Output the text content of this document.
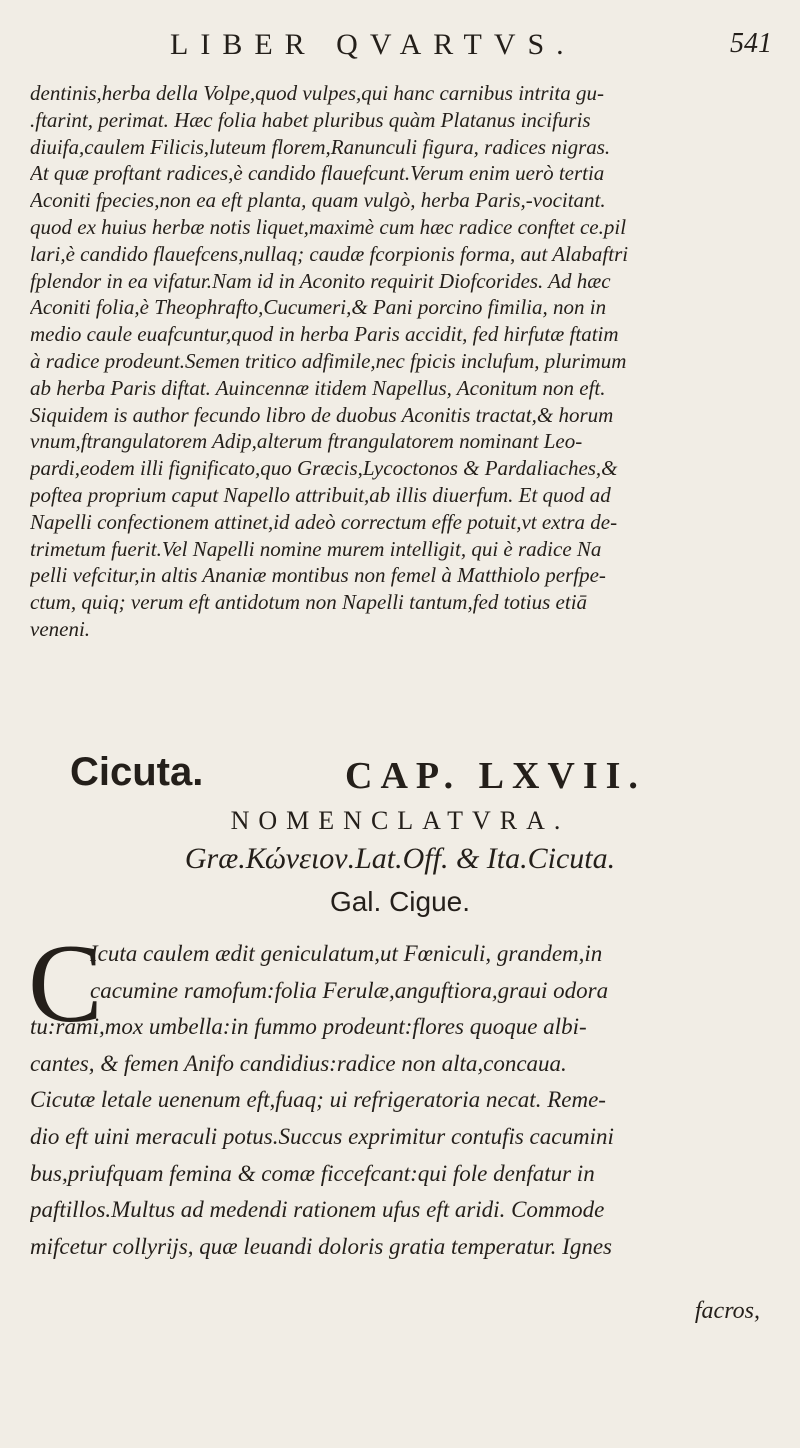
LIBER QVARTVS.	541
dentinis,herba della Volpe,quod vulpes,qui hanc carnibus intrita gu-
.ftarint, perimat. Hæc folia habet pluribus quàm Platanus incifuris
diuifa,caulem Filicis,luteum florem,Ranunculi figura, radices nigras.
At quæ proftant radices,è candido flauefcunt.Verum enim uerò tertia
Aconiti fpecies,non ea eft planta, quam vulgò, herba Paris,-vocitant.
quod ex huius herbæ notis liquet,maximè cum hæc radice conftet ce.pil
lari,è candido flauefcens,nullaq; caudæ fcorpionis forma, aut Alabaftri
fplendor in ea vifatur.Nam id in Aconito requirit Diofcorides. Ad hæc
Aconiti folia,è Theophrafto,Cucumeri,& Pani porcino fimilia, non in
medio caule euafcuntur,quod in herba Paris accidit, fed hirfutæ ftatim
à radice prodeunt.Semen tritico adfimile,nec fpicis inclufum, plurimum
ab herba Paris diftat. Auincennæ itidem Napellus, Aconitum non eft.
Siquidem is author fecundo libro de duobus Aconitis tractat,& horum
vnum,ftrangulatorem Adip,alterum ftrangulatorem nominant Leo-
pardi,eodem illi fignificato,quo Græcis,Lycoctonos & Pardaliaches,&
poftea proprium caput Napello attribuit,ab illis diuerfum. Et quod ad
Napelli confectionem attinet,id adeò correctum effe potuit,vt extra de-
trimetum fuerit.Vel Napelli nomine murem intelligit, qui è radice Na
pelli vefcitur,in altis Ananiæ montibus non femel à Matthiolo perfpe-
ctum, quiq; verum eft antidotum non Napelli tantum,fed totius etiā
veneni.
Cicuta.	CAP. LXVII.
NOMENCLATVRA.
Græ.Κώνειον.Lat.Off. & Ita.Cicuta.
Gal. Cigue.
C
Icuta caulem ædit geniculatum,ut Fœniculi, grandem,in
cacumine ramofum:folia Ferulæ,anguftiora,graui odora
tu:rami,mox umbella:in fummo prodeunt:flores quoque albi-
cantes, & femen Anifo candidius:radice non alta,concaua.
Cicutæ letale uenenum eft,fuaq; ui refrigeratoria necat. Reme-
dio eft uini meraculi potus.Succus exprimitur contufis cacumini
bus,priufquam femina & comæ ficcefcant:qui fole denfatur in
paftillos.Multus ad medendi rationem ufus eft aridi. Commode
mifcetur collyrijs, quæ leuandi doloris gratia temperatur. Ignes
facros,
